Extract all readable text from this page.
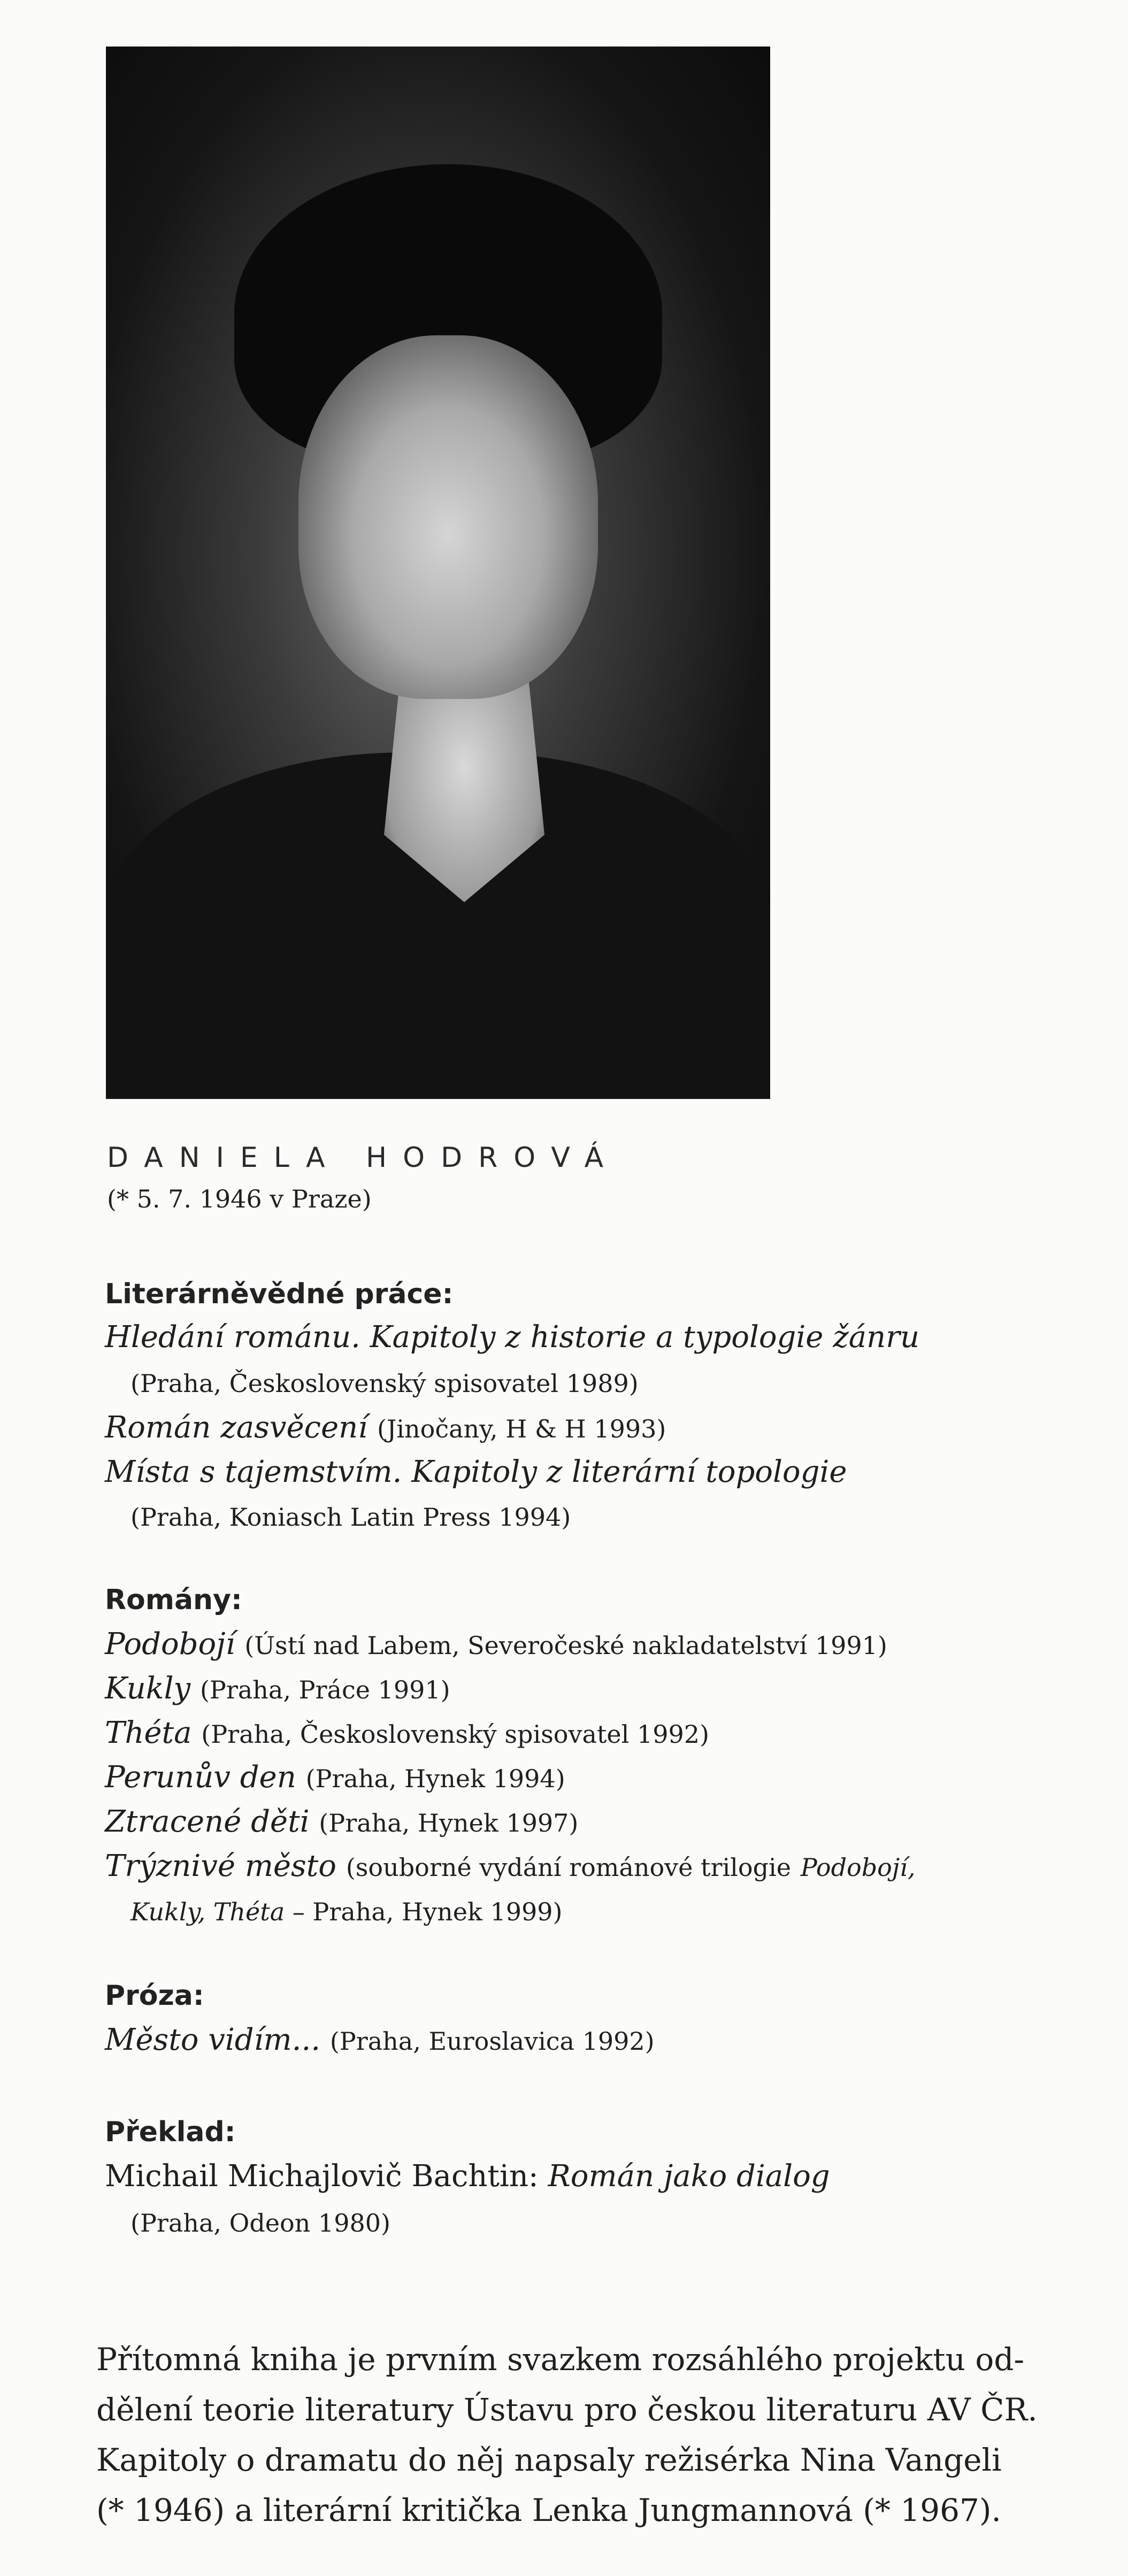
DANIELA HODROVÁ
(* 5. 7. 1946 v Praze)
Literárněvědné práce:
Hledání románu. Kapitoly z historie a typologie žánru
(Praha, Československý spisovatel 1989)
Román zasvěcení (Jinočany, H & H 1993)
Místa s tajemstvím. Kapitoly z literární topologie
(Praha, Koniasch Latin Press 1994)
Romány:
Podobojí (Ústí nad Labem, Severočeské nakladatelství 1991)
Kukly (Praha, Práce 1991)
Théta (Praha, Československý spisovatel 1992)
Perunův den (Praha, Hynek 1994)
Ztracené děti (Praha, Hynek 1997)
Trýznivé město (souborné vydání románové trilogie Podobojí,
Kukly, Théta – Praha, Hynek 1999)
Próza:
Město vidím... (Praha, Euroslavica 1992)
Překlad:
Michail Michajlovič Bachtin: Román jako dialog
(Praha, Odeon 1980)
Přítomná kniha je prvním svazkem rozsáhlého projektu od-
dělení teorie literatury Ústavu pro českou literaturu AV ČR.
Kapitoly o dramatu do něj napsaly režisérka Nina Vangeli
(* 1946) a literární kritička Lenka Jungmannová (* 1967).
